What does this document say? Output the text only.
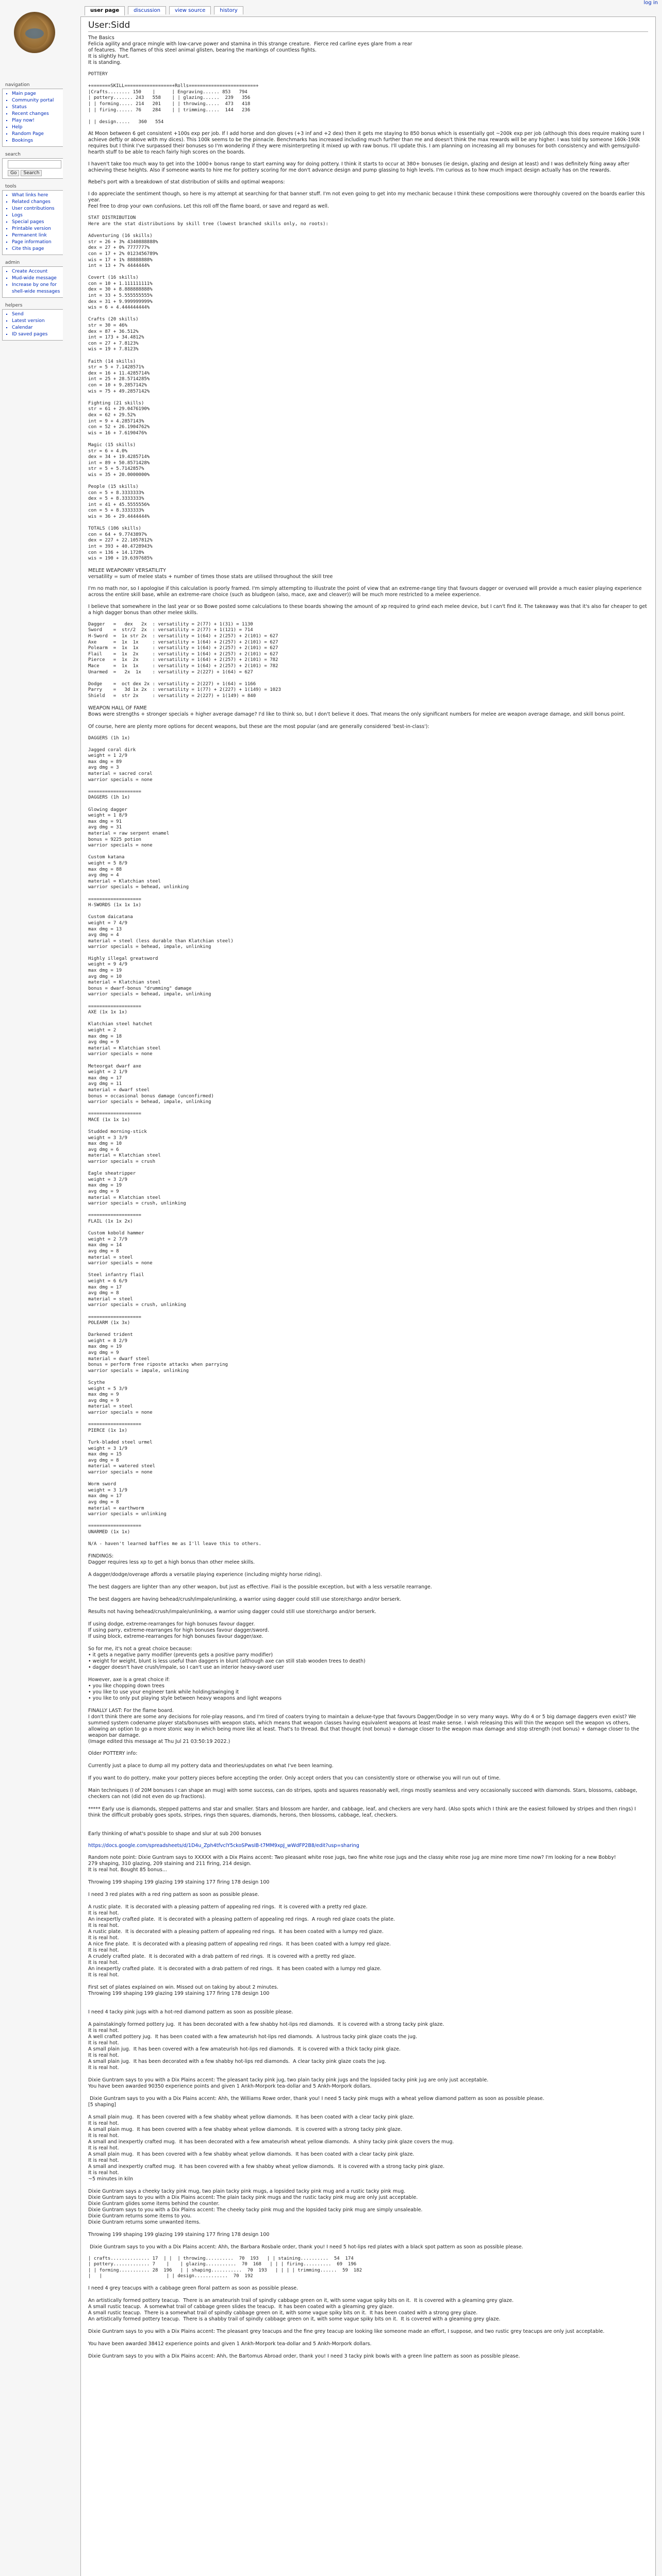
log in
user page	discussion	view source	history
navigation
▪ Main page
▪ Community portal
▪ Status
▪ Recent changes
▪ Play now!
▪ Help
▪ Random Page
▪ Bookings
search

Go Search
tools
▪ What links here
▪ Related changes
▪ User contributions
▪ Logs
▪ Special pages
▪ Printable version
▪ Permanent link
▪ Page information
▪ Cite this page
admin
▪ Create Account
▪ Mud-wide message
▪ Increase by one for shell-wide messages
helpers
▪ Send
▪ Latest version
▪ Calendar
▪ ID saved pages
User:Sidd
The Basics
Felicia agility and grace mingle with low-carve power and stamina in this strange creature.  Fierce red carline eyes glare from a rear
of features.  The flames of this steel animal glisten, bearing the markings of countless fights.
It is slightly hurt.
It is standing.
POTTERY

+=======SKILL=================+Rolls========================+
|Crafts........ 150    |      | Engraving...... 853   794
| pottery....... 243   558    | | glazing......  239   356
| | forming..... 214   201    | | throwing.....  473   418
| | firing...... 76    284    | | trimming.....  144   236

| | design.....   360   554
At Moon between 6 get consistent +100s exp per job. If I add horse and don gloves (+3 inf and +2 dex) then it gets me staying to 850 bonus which is essentially got ~200k exp per job (although this does require making sure I achieve deftly or above with my dices). This 100k seems to be the pinnacle. Benchmarks has increased including much further than me and doesn't think the max rewards will be any higher. I was told by someone 160k-190k requires but I think I've surpassed their bonuses so I'm wondering if they were misinterpreting it mixed up with raw bonus. I'll update this. I am planning on increasing all my bonuses for both consistency and with gems/guild-hearth stuff to be able to reach fairly high scores on the boards.
I haven't take too much way to get into the 1000+ bonus range to start earning way for doing pottery. I think it starts to occur at 380+ bonuses (ie design, glazing and design at least) and I was definitely fking away after achieving these heights. Also if someone wants to hire me for pottery scoring for me don't advance design and pump glassing to high levels. I'm curious as to how much impact design actually has on the rewards.
Rebel's port with a breakdown of stat distribution of skills and optimal weapons:
I do appreciate the sentiment though, so here is my attempt at searching for that banner stuff. I'm not even going to get into my mechanic because I think these compositions were thoroughly covered on the boards earlier this year.
Feel free to drop your own confusions. Let this roll off the flame board, or save and regard as well.
STAT DISTRIBUTION
Here are the stat distributions by skill tree (lowest branched skills only, no roots):

Adventuring (16 skills)
str = 26 + 3% 4340888888%
dex = 27 + 0% 7777777%
con = 17 + 2% 0123456789%
wis = 17 + 1% 88888888%
int = 13 + 7% 4444444%

Covert (16 skills)
con = 10 + 1.111111111%
dex = 30 + 8.888888888%
int = 33 + 5.555555555%
dex = 31 + 9.999999999%
wis = 6 + 4.444444444%

Crafts (20 skills)
str = 30 = 46%
dex = 87 + 36.512%
int = 173 + 34.4812%
con = 27 + 7.8123%
wis = 19 + 7.8123%

Faith (14 skills)
str = 5 + 7.1428571%
dex = 16 + 11.4285714%
int = 25 + 28.5714285%
con = 10 + 9.2857142%
wis = 75 + 49.2857142%

Fighting (21 skills)
str = 61 + 29.0476190%
dex = 62 + 29.52%
int = 9 + 4.2857143%
con = 52 + 26.1904762%
wis = 16 + 7.6190476%

Magic (15 skills)
str = 6 + 4.0%
dex = 34 + 19.4285714%
int = 89 + 50.8571428%
str = 5 + 5.7142857%
wis = 35 + 20.0000000%

People (15 skills)
con = 5 + 8.3333333%
dex = 5 + 8.3333333%
int = 41 + 45.5555556%
con = 5 + 8.3333333%
wis = 36 + 29.4444444%

TOTALS (106 skills)
con = 64 + 9.7743897%
dex = 227 + 22.1057812%
int = 393 + 40.4728943%
con = 136 + 14.1728%
wis = 190 + 19.6397685%
MELEE WEAPONRY VERSATILITY
versatility = sum of melee stats + number of times those stats are utilised throughout the skill tree
I'm no math nor, so I apologise if this calculation is poorly framed. I'm simply attempting to illustrate the point of view that an extreme-range tiny that favours dagger or overused will provide a much easier playing experience across the entire skill base, while an extreme-rare choice (such as bludgeon (also, mace, axe and cleaver)) will be much more restricted to a melee experience.
I believe that somewhere in the last year or so Bowe posted some calculations to these boards showing the amount of xp required to grind each melee device, but I can't find it. The takeaway was that it's also far cheaper to get a high dagger bonus than other melee skills.
Dagger   =   dex   2x  : versatility = 2(77) + 1(31) = 1130
Sword    =  str/2  2x  : versatility = 2(77) + 1(121) = 714
H-Sword  =  1x str 2x  : versatility = 1(64) + 2(257) + 2(101) = 627
Axe      =  1x  1x     : versatility = 1(64) + 2(257) + 2(101) = 627
Polearm  =  1x  1x     : versatility = 1(64) + 2(257) + 2(101) = 627
Flail    =  1x  2x     : versatility = 1(64) + 2(257) + 2(101) = 627
Pierce   =  1x  2x     : versatility = 1(64) + 2(257) + 2(101) = 782
Mace     =  1x  1x     : versatility = 1(64) + 2(257) + 2(101) = 782
Unarmed  =   2x  1x    : versatility = 2(227) + 1(64) = 627

Dodge    =  oct dex 2x : versatility = 2(227) + 1(64) = 1166
Parry    =   3d 1x 2x  : versatility = 1(77) + 2(227) + 1(149) = 1023
Shield   =  str 2x     : versatility = 2(227) + 1(149) = 840
WEAPON HALL OF FAME
Bows were strengths + stronger specials + higher average damage? I'd like to think so, but I don't believe it does. That means the only significant numbers for melee are weapon average damage, and skill bonus point.

Of course, here are plenty more options for decent weapons, but these are the most popular (and are generally considered 'best-in-class'):
DAGGERS (1h 1x)

Jagged coral dirk
weight = 1 2/9
max dmg = 89
avg dmg = 3
material = sacred coral
warrior specials = none

===================
DAGGERS (1h 1x)

Glowing dagger
weight = 1 8/9
max dmg = 91
avg dmg = 31
material = raw serpent enamel
bonus = 9225 potion
warrior specials = none

Custom katana
weight = 5 8/9
max dmg = 88
avg dmg = 4
material = Klatchian steel
warrior specials = behead, unlinking

===================
H-SWORDS (1x 1x 1x)

Custom daicatana
weight = 7 4/9
max dmg = 13
avg dmg = 4
material = steel (less durable than Klatchian steel)
warrior specials = behead, impale, unlinking
Highly illegal greatsword
weight = 9 4/9
max dmg = 19
avg dmg = 10
material = Klatchian steel
bonus = dwarf-bonus "drumming" damage
warrior specials = behead, impale, unlinking

===================
AXE (1x 1x 1x)

Klatchian steel hatchet
weight = 2
max dmg = 18
avg dmg = 9
material = Klatchian steel
warrior specials = none

Meteorgat dwarf axe
weight = 2 1/9
max dmg = 17
avg dmg = 11
material = dwarf steel
bonus = occasional bonus damage (unconfirmed)
warrior specials = behead, impale, unlinking

===================
MACE (1x 1x 1x)

Studded morning-stick
weight = 3 3/9
max dmg = 10
avg dmg = 6
material = Klatchian steel
warrior specials = crush

Eagle sheatripper
weight = 3 2/9
max dmg = 19
avg dmg = 9
material = Klatchian steel
warrior specials = crush, unlinking

===================
FLAIL (1x 1x 2x)

Custom kobold hammer
weight = 2 7/9
max dmg = 14
avg dmg = 8
material = steel
warrior specials = none

Steel infantry flail
weight = 6 6/9
max dmg = 17
avg dmg = 8
material = steel
warrior specials = crush, unlinking

===================
POLEARM (1x 3x)

Darkened trident
weight = 8 2/9
max dmg = 19
avg dmg = 9
material = dwarf steel
bonus = perform free riposte attacks when parrying
warrior specials = impale, unlinking

Scythe
weight = 5 3/9
max dmg = 9
avg dmg = 9
material = steel
warrior specials = none

===================
PIERCE (1x 1x)

Turk-bladed steel urmel
weight = 3 1/9
max dmg = 15
avg dmg = 8
material = watered steel
warrior specials = none

Worm sword
weight = 3 1/9
max dmg = 17
avg dmg = 8
material = earthworm
warrior specials = unlinking

===================
UNARMED (1x 1x)

N/A - haven't learned baffles me as I'll leave this to others.
FINDINGS:
Dagger requires less xp to get a high bonus than other melee skills.

A dagger/dodge/overage affords a versatile playing experience (including mighty horse riding).

The best daggers are lighter than any other weapon, but just as effective. Flail is the possible exception, but with a less versatile rearrange.

The best daggers are having behead/crush/impale/unlinking, a warrior using dagger could still use store/chargo and/or berserk.

Results not having behead/crush/impale/unlinking, a warrior using dagger could still use store/chargo and/or berserk.

If using dodge, extreme-rearranges for high bonuses favour dagger.
If using parry, extreme-rearranges for high bonuses favour dagger/sword.
If using block, extreme-rearranges for high bonuses favour dagger/axe.

So for me, it's not a great choice because:
• it gets a negative parry modifier (prevents gets a positive parry modifier)
• weight for weight, blunt is less useful than daggers in blunt (although axe can still stab wooden trees to death)
• dagger doesn't have crush/impale, so I can't use an interior heavy-sword user

However, axe is a great choice if:
• you like chopping down trees
• you like to use your engineer tank while holding/swinging it
• you like to only put playing style between heavy weapons and light weapons

FINALLY LAST: For the flame board.
I don't think there are some any decisions for role-play reasons, and I'm tired of coaters trying to maintain a deluxe-type that favours Dagger/Dodge in so very many ways. Why do 4 or 5 big damage daggers even exist? We summed system codename player stats/bonuses with weapon stats, which means that weapon classes having equivalent weapons at least make sense. I wish releasing this will thin the weapon sell the weapon vs others, allowing an option to go a more stonic way in which being more like at least. That's to thread. But that thought (not bonus) + damage closer to the weapon max damage and stop strength (not bonus) + damage closer to the weapon bar damage.
(Image edited this message at Thu Jul 21 03:50:19 2022.)
Older POTTERY info:

Currently just a place to dump all my pottery data and theories/updates on what I've been learning.

If you want to do pottery, make your pottery pieces before accepting the order. Only accept orders that you can consistently store or otherwise you will run out of time.

Main techniques (I of 20M bonuses I can shape an mug) with some success, can do stripes, spots and squares reasonably well, rings mostly seamless and very occasionally succeed with diamonds. Stars, blossoms, cabbage, checkers can not (did not even do up fractions).

***** Early use is diamonds, stepped patterns and star and smaller. Stars and blossom are harder, and cabbage, leaf, and checkers are very hard. (Also spots which I think are the easiest followed by stripes and then rings) I think the difficult probably goes spots, stripes, rings then squares, diamonds, herons, then blossoms, cabbage, leaf, checkers.

Early thinking of what's possible to shape and slur at sub 200 bonuses
https://docs.google.com/spreadsheets/d/1D4u_Zph4tfvclY5ckoSPwsIB-t7MM9xpJ_wWdFP2B8/edit?usp=sharing
Random note point: Dixie Guntram says to XXXXX with a Dix Plains accent: Two pleasant white rose jugs, two fine white rose jugs and the classy white rose jug are mine more time now? I'm looking for a new Bobby!
279 shaping, 310 glazing, 209 staining and 211 firing, 214 design.
It is real hot. Bought 85 bonus...

Throwing 199 shaping 199 glazing 199 staining 177 firing 178 design 100

I need 3 red plates with a red ring pattern as soon as possible please.

A rustic plate.  It is decorated with a pleasing pattern of appealing red rings.  It is covered with a pretty red glaze.
It is real hot.
An inexpertly crafted plate.  It is decorated with a pleasing pattern of appealing red rings.  A rough red glaze coats the plate.
It is real hot.
A rustic plate.  It is decorated with a pleasing pattern of appealing red rings.  It has been coated with a lumpy red glaze.
It is real hot.
A nice fine plate.  It is decorated with a pleasing pattern of appealing red rings.  It has been coated with a lumpy red glaze.
It is real hot.
A crudely crafted plate.  It is decorated with a drab pattern of red rings.  It is covered with a pretty red glaze.
It is real hot.
An inexpertly crafted plate.  It is decorated with a drab pattern of red rings.  It has been coated with a lumpy red glaze.
It is real hot.

First set of plates explained on win. Missed out on taking by about 2 minutes.
Throwing 199 shaping 199 glazing 199 staining 177 firing 178 design 100

I need 4 tacky pink jugs with a hot-red diamond pattern as soon as possible please.

A painstakingly formed pottery jug.  It has been decorated with a few shabby hot-lips red diamonds.  It is covered with a strong tacky pink glaze.
It is real hot.
A well crafted pottery jug.  It has been coated with a few amateurish hot-lips red diamonds.  A lustrous tacky pink glaze coats the jug.
It is real hot.
A small plain jug.  It has been covered with a few amateurish hot-lips red diamonds.  It is covered with a thick tacky pink glaze.
It is real hot.
A small plain jug.  It has been decorated with a few shabby hot-lips red diamonds.  A clear tacky pink glaze coats the jug.
It is real hot.

Dixie Guntram says to you with a Dix Plains accent: The pleasant tacky pink jug, two plain tacky pink jugs and the lopsided tacky pink jug are only just acceptable.
You have been awarded 90350 experience points and given 1 Ankh-Morpork tea-dollar and 5 Ankh-Morpork dollars.

Dixie Guntram says to you with a Dix Plains accent: Ahh, the Williams Rowe order, thank you! I need 5 tacky pink mugs with a wheat yellow diamond pattern as soon as possible please.
[5 shaping]

A small plain mug.  It has been covered with a few shabby wheat yellow diamonds.  It has been coated with a clear tacky pink glaze.
It is real hot.
A small plain mug.  It has been covered with a few shabby wheat yellow diamonds.  It is covered with a strong tacky pink glaze.
It is real hot.
A small and inexpertly crafted mug.  It has been decorated with a few amateurish wheat yellow diamonds.  A shiny tacky pink glaze covers the mug.
It is real hot.
A small plain mug.  It has been covered with a few shabby wheat yellow diamonds.  It has been coated with a clear tacky pink glaze.
It is real hot.
A small and inexpertly crafted mug.  It has been covered with a few shabby wheat yellow diamonds.  It is covered with a strong tacky pink glaze.
It is real hot.
~5 minutes in kiln

Dixie Guntram says a cheeky tacky pink mug, two plain tacky pink mugs, a lopsided tacky pink mug and a rustic tacky pink mug.
Dixie Guntram says to you with a Dix Plains accent: The plain tacky pink mugs and the rustic tacky pink mug are only just acceptable.
Dixie Guntram glides some items behind the counter.
Dixie Guntram says to you with a Dix Plains accent: The cheeky tacky pink mug and the lopsided tacky pink mug are simply unsaleable.
Dixie Guntram returns some items to you.
Dixie Guntram returns some unwanted items.

Throwing 199 shaping 199 glazing 199 staining 177 firing 178 design 100

Dixie Guntram says to you with a Dix Plains accent: Ahh, the Barbara Rosbale order, thank you! I need 5 hot-lips red plates with a black spot pattern as soon as possible please.
| crafts.............. 17  | |  | throwing..........  70  193   | | staining..........  54  174
| pottery............. 7    |    | glazing...........  70  168   | | | firing..........  69  196
| | forming........... 28  196   | | shaping...........  70  193   | | | | trimming......  59  182
|   |                       | | design............  70  192
I need 4 grey teacups with a cabbage green floral pattern as soon as possible please.

An artistically formed pottery teacup.  There is an amateurish trail of spindly cabbage green on it, with some vague spiky bits on it.  It is covered with a gleaming grey glaze.
A small rustic teacup.  A somewhat trail of cabbage green slides the teacup.  It has been coated with a gleaming grey glaze.
A small rustic teacup.  There is a somewhat trail of spindly cabbage green on it, with some vague spiky bits on it.  It has been coated with a strong grey glaze.
An artistically formed pottery teacup.  There is a shabby trail of spindly cabbage green on it, with some vague spiky bits on it.  It is covered with a gleaming grey glaze.

Dixie Guntram says to you with a Dix Plains accent: The pleasant grey teacups and the fine grey teacup are looking like someone made an effort, I suppose, and two rustic grey teacups are only just acceptable.

You have been awarded 38412 experience points and given 1 Ankh-Morpork tea-dollar and 5 Ankh-Morpork dollars.

Dixie Guntram says to you with a Dix Plains accent: Ahh, the Bartomus Abroad order, thank you! I need 3 tacky pink bowls with a green line pattern as soon as possible please.
